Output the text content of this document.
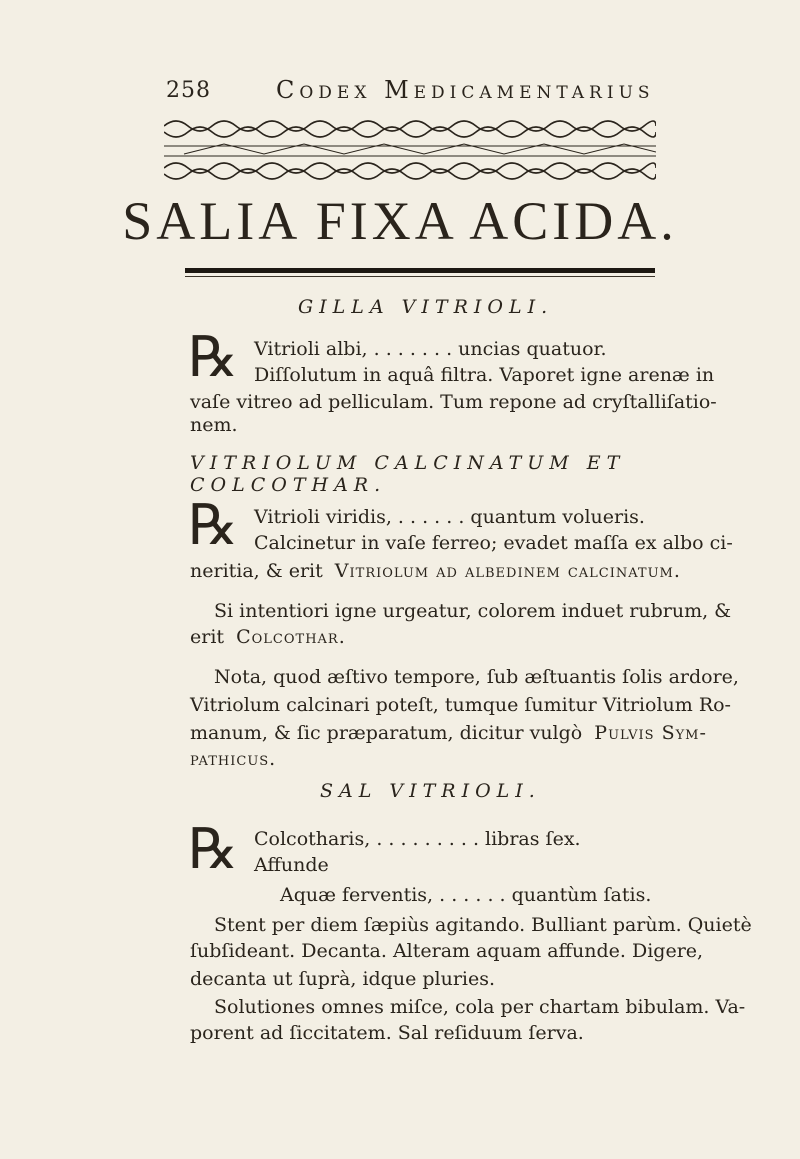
258	Codex Medicamentarius
SALIA FIXA ACIDA.
GILLA VITRIOLI.
℞ Vitrioli albi, . . . . . . . uncias quatuor.
Diſſolutum in aquâ filtra. Vaporet igne arenæ in
vaſe vitreo ad pelliculam. Tum repone ad cryſtalliſatio-
nem.
VITRIOLUM CALCINATUM ET COLCOTHAR.
℞ Vitrioli viridis, . . . . . . quantum volueris.
Calcinetur in vaſe ferreo; evadet maſſa ex albo ci-
neritia, & erit Vitriolum ad albedinem calcinatum.
Si intentiori igne urgeatur, colorem induet rubrum, &
erit Colcothar.
Nota, quod æſtivo tempore, ſub æſtuantis ſolis ardore,
Vitriolum calcinari poteſt, tumque ſumitur Vitriolum Ro-
manum, & ſic præparatum, dicitur vulgò Pulvis Sym-
pathicus.
SAL VITRIOLI.
℞ Colcotharis, . . . . . . . . . libras ſex.
Affunde
Aquæ ferventis, . . . . . . quantùm ſatis.
Stent per diem ſæpiùs agitando. Bulliant parùm. Quietè
ſubſideant. Decanta. Alteram aquam affunde. Digere,
decanta ut ſuprà, idque pluries.
Solutiones omnes miſce, cola per chartam bibulam. Va-
porent ad ſiccitatem. Sal reſiduum ſerva.
